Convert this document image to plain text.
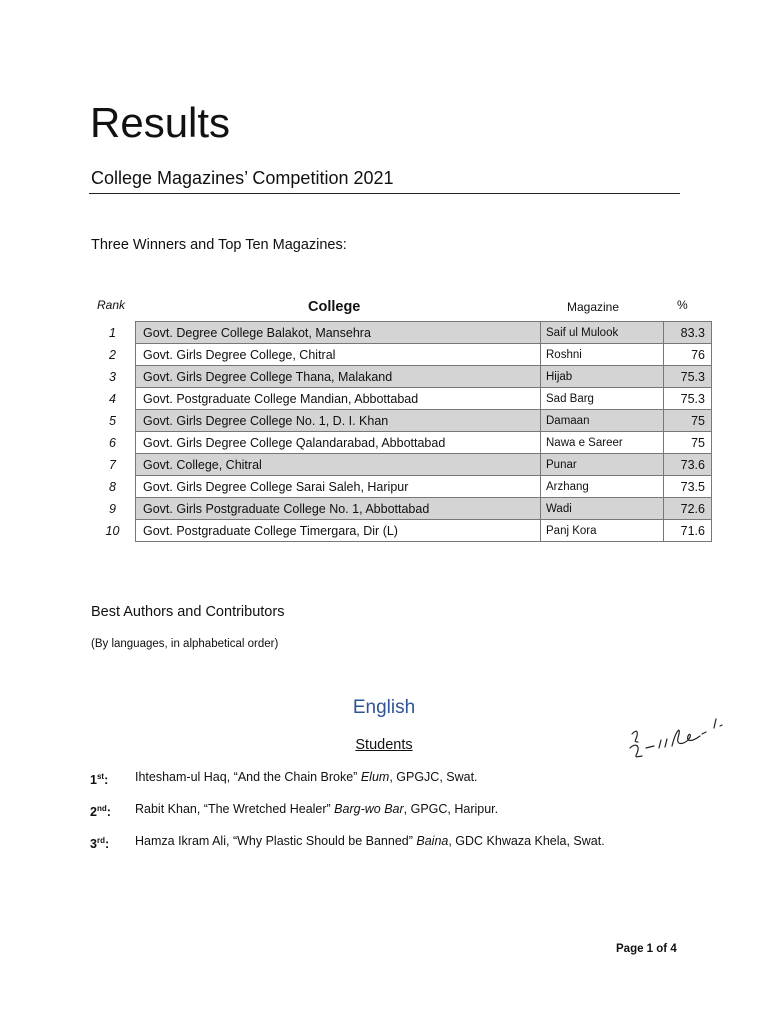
Results
College Magazines’ Competition 2021
Three Winners and Top Ten Magazines:
Rank	College	Magazine	%
1	Govt. Degree College Balakot, Mansehra	Saif ul Mulook	83.3
2	Govt. Girls Degree College, Chitral	Roshni	76
3	Govt. Girls Degree College Thana, Malakand	Hijab	75.3
4	Govt. Postgraduate College Mandian, Abbottabad	Sad Barg	75.3
5	Govt. Girls Degree College No. 1, D. I. Khan	Damaan	75
6	Govt. Girls Degree College Qalandarabad, Abbottabad	Nawa e Sareer	75
7	Govt. College, Chitral	Punar	73.6
8	Govt. Girls Degree College Sarai Saleh, Haripur	Arzhang	73.5
9	Govt. Girls Postgraduate College No. 1, Abbottabad	Wadi	72.6
10	Govt. Postgraduate College Timergara, Dir (L)	Panj Kora	71.6
Best Authors and Contributors
(By languages, in alphabetical order)
English
Students
1st: Ihtesham-ul Haq, “And the Chain Broke” Elum, GPGJC, Swat.
2nd: Rabit Khan, “The Wretched Healer” Barg-wo Bar, GPGC, Haripur.
3rd: Hamza Ikram Ali, “Why Plastic Should be Banned” Baina, GDC Khwaza Khela, Swat.
Page 1 of 4
